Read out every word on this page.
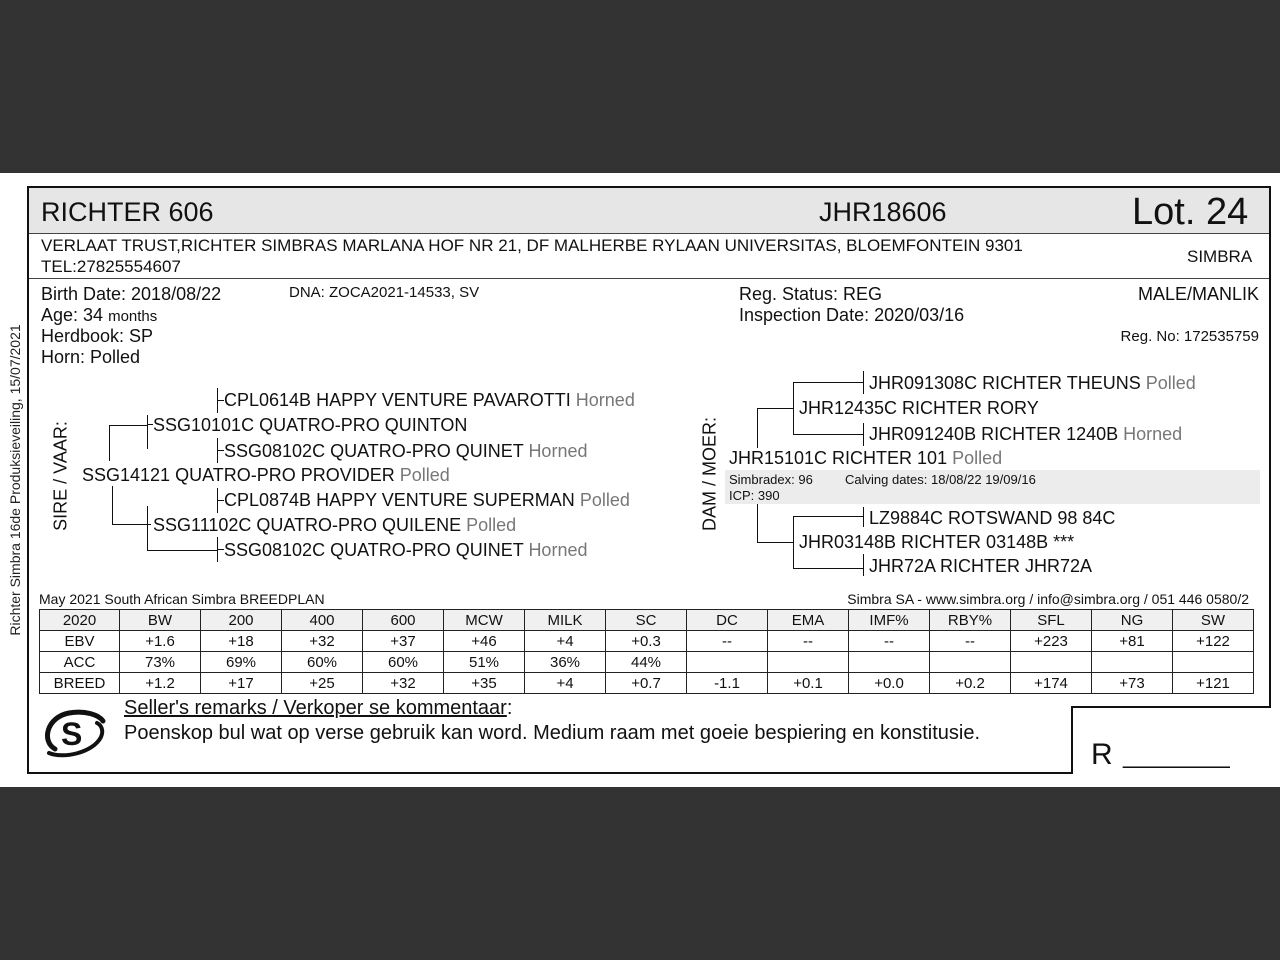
Richter Simbra 16de Produksieveiling, 15/07/2021
RICHTER 606	JHR18606	Lot. 24
VERLAAT TRUST,RICHTER SIMBRAS MARLANA HOF NR 21, DF MALHERBE RYLAAN UNIVERSITAS, BLOEMFONTEIN 9301
TEL:27825554607
SIMBRA
Birth Date: 2018/08/22	DNA: ZOCA2021-14533, SV
Age: 34 months
Herdbook: SP
Horn: Polled
Reg. Status: REG
Inspection Date: 2020/03/16
MALE/MANLIK
Reg. No: 172535759
SIRE / VAAR:
CPL0614B HAPPY VENTURE PAVAROTTI Horned
SSG10101C QUATRO-PRO QUINTON
SSG08102C QUATRO-PRO QUINET Horned
SSG14121 QUATRO-PRO PROVIDER Polled
CPL0874B HAPPY VENTURE SUPERMAN Polled
SSG11102C QUATRO-PRO QUILENE Polled
SSG08102C QUATRO-PRO QUINET Horned
DAM / MOER:
JHR091308C RICHTER THEUNS Polled
JHR12435C RICHTER RORY
JHR091240B RICHTER 1240B Horned
Simbradex: 96 Calving dates: 18/08/22 19/09/16
ICP: 390
JHR15101C RICHTER 101 Polled
LZ9884C ROTSWAND 98 84C
JHR03148B RICHTER 03148B ***
JHR72A RICHTER JHR72A
May 2021 South African Simbra BREEDPLAN	Simbra SA - www.simbra.org / info@simbra.org / 051 446 0580/2
2020	BW	200	400	600	MCW	MILK	SC	DC	EMA	IMF%	RBY%	SFL	NG	SW
EBV	+1.6	+18	+32	+37	+46	+4	+0.3	--	--	--	--	+223	+81	+122
ACC	73%	69%	60%	60%	51%	36%	44%							
BREED	+1.2	+17	+25	+32	+35	+4	+0.7	-1.1	+0.1	+0.0	+0.2	+174	+73	+121
S
Seller's remarks / Verkoper se kommentaar:
Poenskop bul wat op verse gebruik kan word. Medium raam met goeie bespiering en konstitusie.
R ________
